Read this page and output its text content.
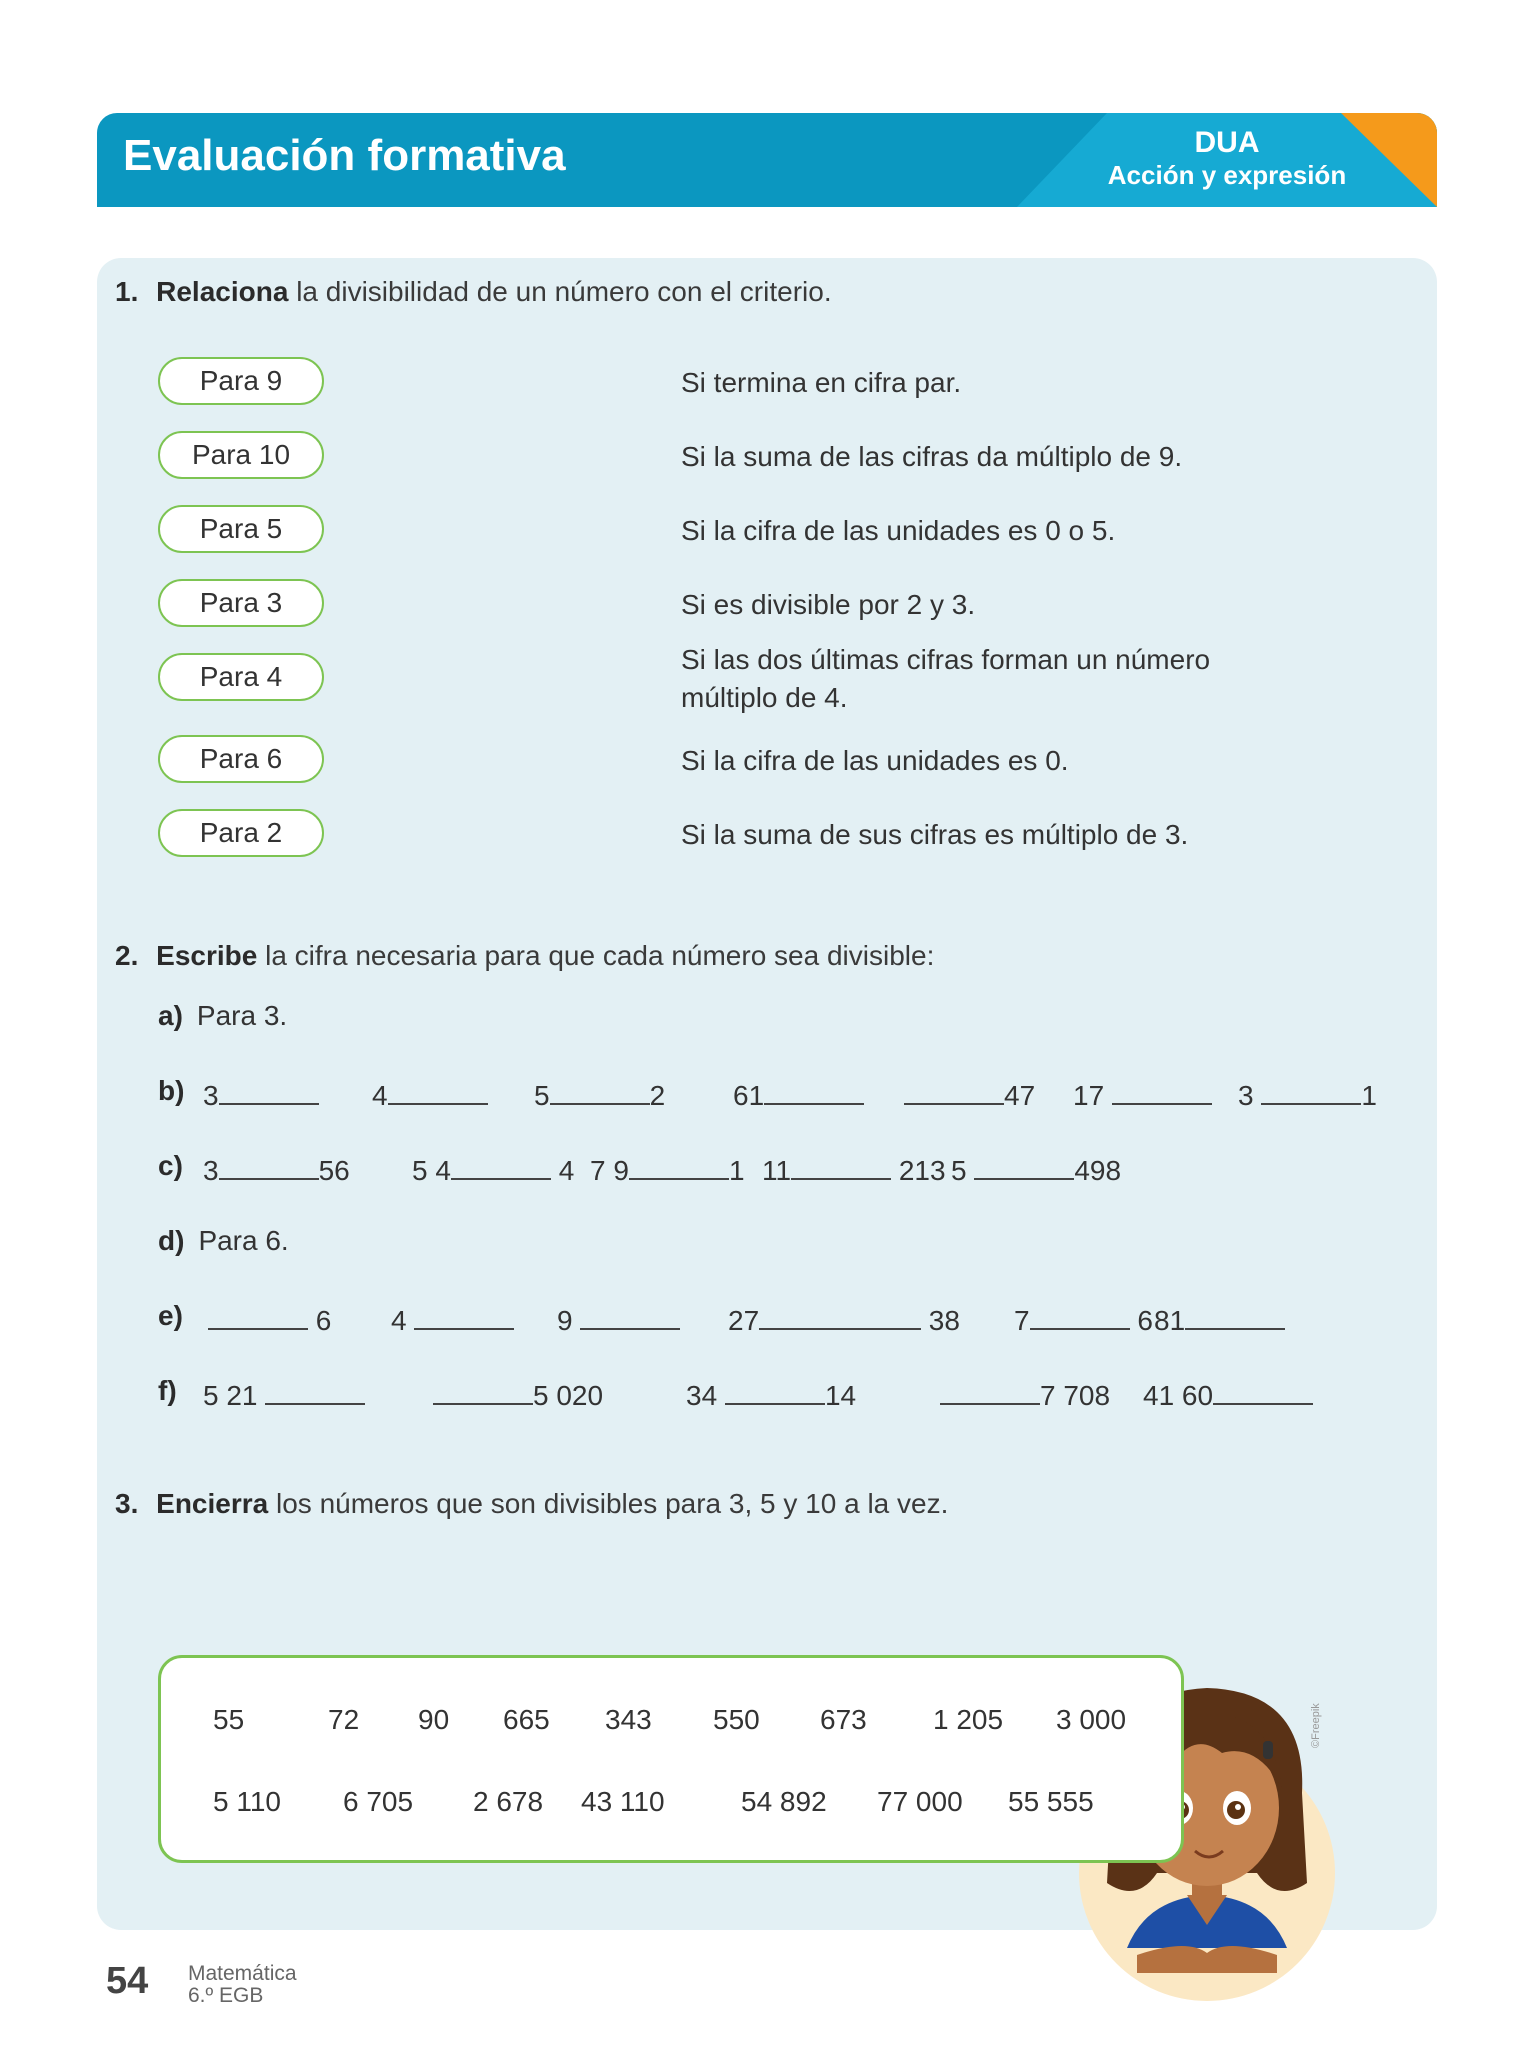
Evaluación formativa	DUA
Acción y expresión
1. Relaciona la divisibilidad de un número con el criterio.
Para 9
Para 10
Para 5
Para 3
Para 4
Para 6
Para 2
Si termina en cifra par.
Si la suma de las cifras da múltiplo de 9.
Si la cifra de las unidades es 0 o 5.
Si es divisible por 2 y 3.
Si las dos últimas cifras forman un número múltiplo de 4.
Si la cifra de las unidades es 0.
Si la suma de sus cifras es múltiplo de 3.
2. Escribe la cifra necesaria para que cada número sea divisible:
a) Para 3.
b) 3	4	5	2 61	47 17	3	1
c) 3	56 5 4	4 7 9	1 11	213 5	498
d) Para 6.
e)	6 4	9	27	38 7	6 81
f) 5 21	5 020	34	14	7 708 41 60
3. Encierra los números que son divisibles para 3, 5 y 10 a la vez.
©Freepik
55	72 90 665 343 550 673 1 205 3 000
5 110 6 705 2 678 43 110	54 892 77 000 55 555
54 Matemática
6.º EGB
